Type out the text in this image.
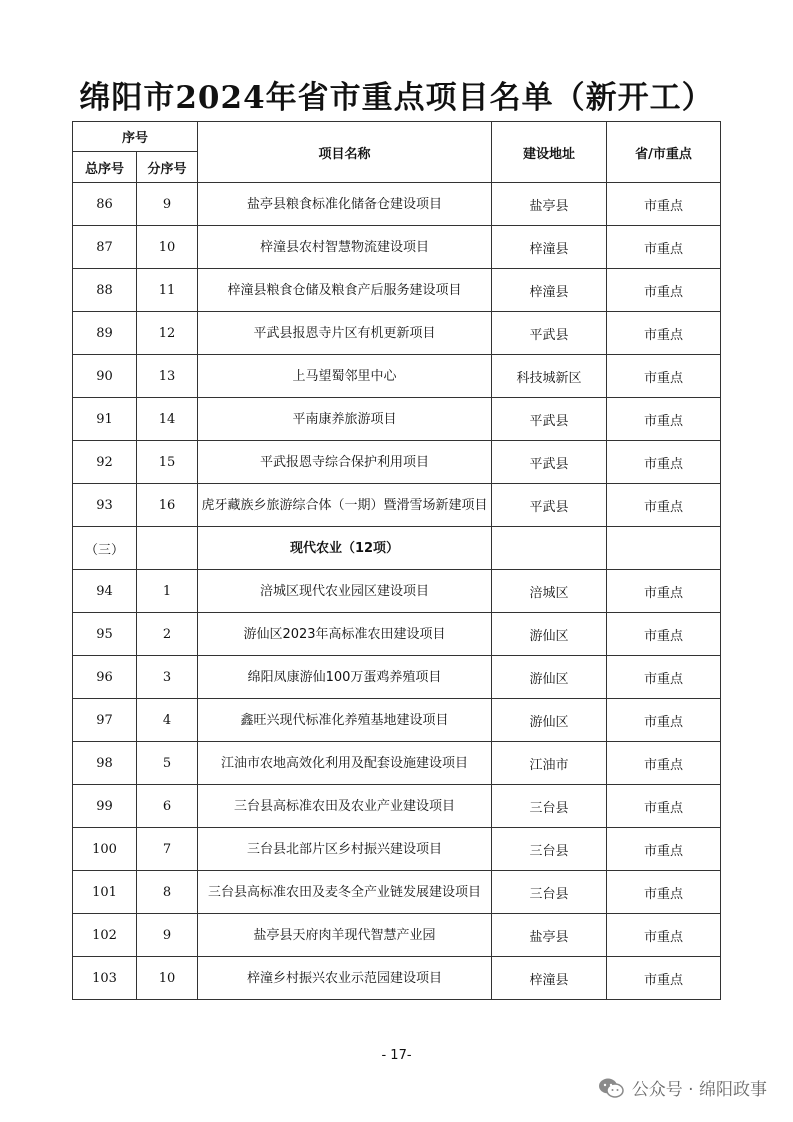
绵阳市2024年省市重点项目名单（新开工）
序号		项目名称	建设地址	省/市重点
总序号	分序号			
86	9	盐亭县粮食标准化储备仓建设项目	盐亭县	市重点
87	10	梓潼县农村智慧物流建设项目	梓潼县	市重点
88	11	梓潼县粮食仓储及粮食产后服务建设项目	梓潼县	市重点
89	12	平武县报恩寺片区有机更新项目	平武县	市重点
90	13	上马望蜀邻里中心	科技城新区	市重点
91	14	平南康养旅游项目	平武县	市重点
92	15	平武报恩寺综合保护利用项目	平武县	市重点
93	16	虎牙藏族乡旅游综合体（一期）暨滑雪场新建项目	平武县	市重点
（三）		现代农业（12项）		
94	1	涪城区现代农业园区建设项目	涪城区	市重点
95	2	游仙区2023年高标准农田建设项目	游仙区	市重点
96	3	绵阳凤康游仙100万蛋鸡养殖项目	游仙区	市重点
97	4	鑫旺兴现代标准化养殖基地建设项目	游仙区	市重点
98	5	江油市农地高效化利用及配套设施建设项目	江油市	市重点
99	6	三台县高标准农田及农业产业建设项目	三台县	市重点
100	7	三台县北部片区乡村振兴建设项目	三台县	市重点
101	8	三台县高标准农田及麦冬全产业链发展建设项目	三台县	市重点
102	9	盐亭县天府肉羊现代智慧产业园	盐亭县	市重点
103	10	梓潼乡村振兴农业示范园建设项目	梓潼县	市重点
- 17-
公众号 · 绵阳政事
